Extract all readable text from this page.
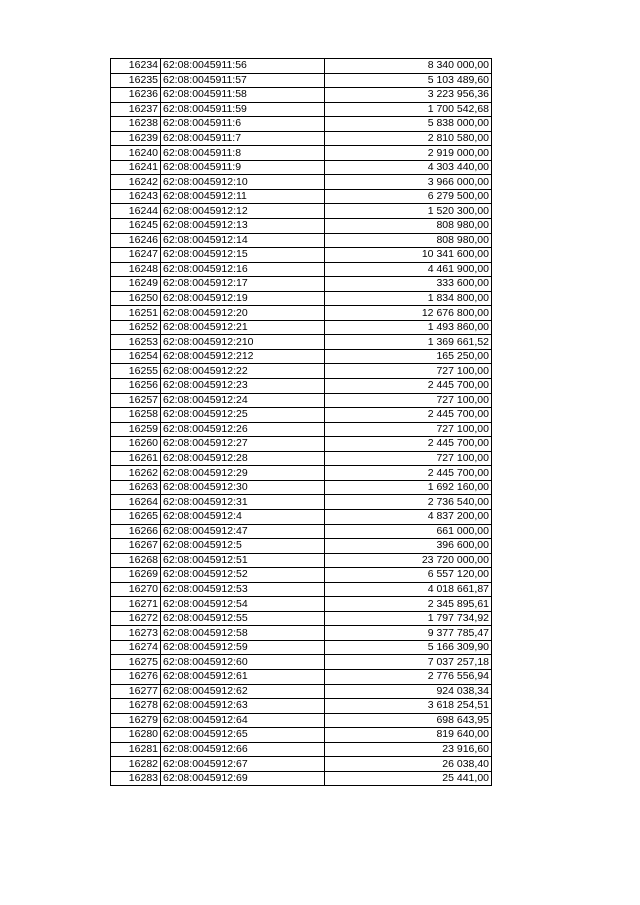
16234	62:08:0045911:56	8 340 000,00
16235	62:08:0045911:57	5 103 489,60
16236	62:08:0045911:58	3 223 956,36
16237	62:08:0045911:59	1 700 542,68
16238	62:08:0045911:6	5 838 000,00
16239	62:08:0045911:7	2 810 580,00
16240	62:08:0045911:8	2 919 000,00
16241	62:08:0045911:9	4 303 440,00
16242	62:08:0045912:10	3 966 000,00
16243	62:08:0045912:11	6 279 500,00
16244	62:08:0045912:12	1 520 300,00
16245	62:08:0045912:13	808 980,00
16246	62:08:0045912:14	808 980,00
16247	62:08:0045912:15	10 341 600,00
16248	62:08:0045912:16	4 461 900,00
16249	62:08:0045912:17	333 600,00
16250	62:08:0045912:19	1 834 800,00
16251	62:08:0045912:20	12 676 800,00
16252	62:08:0045912:21	1 493 860,00
16253	62:08:0045912:210	1 369 661,52
16254	62:08:0045912:212	165 250,00
16255	62:08:0045912:22	727 100,00
16256	62:08:0045912:23	2 445 700,00
16257	62:08:0045912:24	727 100,00
16258	62:08:0045912:25	2 445 700,00
16259	62:08:0045912:26	727 100,00
16260	62:08:0045912:27	2 445 700,00
16261	62:08:0045912:28	727 100,00
16262	62:08:0045912:29	2 445 700,00
16263	62:08:0045912:30	1 692 160,00
16264	62:08:0045912:31	2 736 540,00
16265	62:08:0045912:4	4 837 200,00
16266	62:08:0045912:47	661 000,00
16267	62:08:0045912:5	396 600,00
16268	62:08:0045912:51	23 720 000,00
16269	62:08:0045912:52	6 557 120,00
16270	62:08:0045912:53	4 018 661,87
16271	62:08:0045912:54	2 345 895,61
16272	62:08:0045912:55	1 797 734,92
16273	62:08:0045912:58	9 377 785,47
16274	62:08:0045912:59	5 166 309,90
16275	62:08:0045912:60	7 037 257,18
16276	62:08:0045912:61	2 776 556,94
16277	62:08:0045912:62	924 038,34
16278	62:08:0045912:63	3 618 254,51
16279	62:08:0045912:64	698 643,95
16280	62:08:0045912:65	819 640,00
16281	62:08:0045912:66	23 916,60
16282	62:08:0045912:67	26 038,40
16283	62:08:0045912:69	25 441,00
